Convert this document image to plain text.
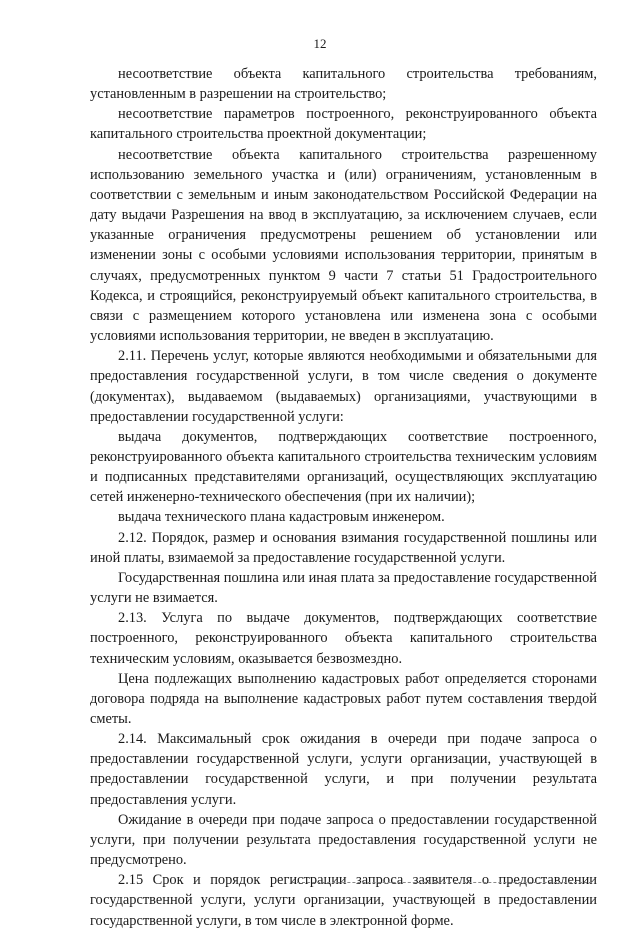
12

несоответствие объекта капитального строительства требованиям, установленным в разрешении на строительство;

несоответствие параметров построенного, реконструированного объекта капитального строительства проектной документации;

несоответствие объекта капитального строительства разрешенному использованию земельного участка и (или) ограничениям, установленным в соответствии с земельным и иным законодательством Российской Федерации на дату выдачи Разрешения на ввод в эксплуатацию, за исключением случаев, если указанные ограничения предусмотрены решением об установлении или изменении зоны с особыми условиями использования территории, принятым в случаях, предусмотренных пунктом 9 части 7 статьи 51 Градостроительного Кодекса, и строящийся, реконструируемый объект капитального строительства, в связи с размещением которого установлена или изменена зона с особыми условиями использования территории, не введен в эксплуатацию.

2.11. Перечень услуг, которые являются необходимыми и обязательными для предоставления государственной услуги, в том числе сведения о документе (документах), выдаваемом (выдаваемых) организациями, участвующими в предоставлении государственной услуги:

выдача документов, подтверждающих соответствие построенного, реконструированного объекта капитального строительства техническим условиям и подписанных представителями организаций, осуществляющих эксплуатацию сетей инженерно-технического обеспечения (при их наличии);

выдача технического плана кадастровым инженером.

2.12. Порядок, размер и основания взимания государственной пошлины или иной платы, взимаемой за предоставление государственной услуги.

Государственная пошлина или иная плата за предоставление государственной услуги не взимается.

2.13. Услуга по выдаче документов, подтверждающих соответствие построенного, реконструированного объекта капитального строительства техническим условиям, оказывается безвозмездно.

Цена подлежащих выполнению кадастровых работ определяется сторонами договора подряда на выполнение кадастровых работ путем составления твердой сметы.

2.14. Максимальный срок ожидания в очереди при подаче запроса о предоставлении государственной услуги, услуги организации, участвующей в предоставлении государственной услуги, и при получении результата предоставления услуги.

Ожидание в очереди при подаче запроса о предоставлении государственной услуги, при получении результата предоставления государственной услуги не предусмотрено.

2.15 Срок и порядок регистрации запроса заявителя о предоставлении государственной услуги, услуги организации, участвующей в предоставлении государственной услуги, в том числе в электронной форме.
